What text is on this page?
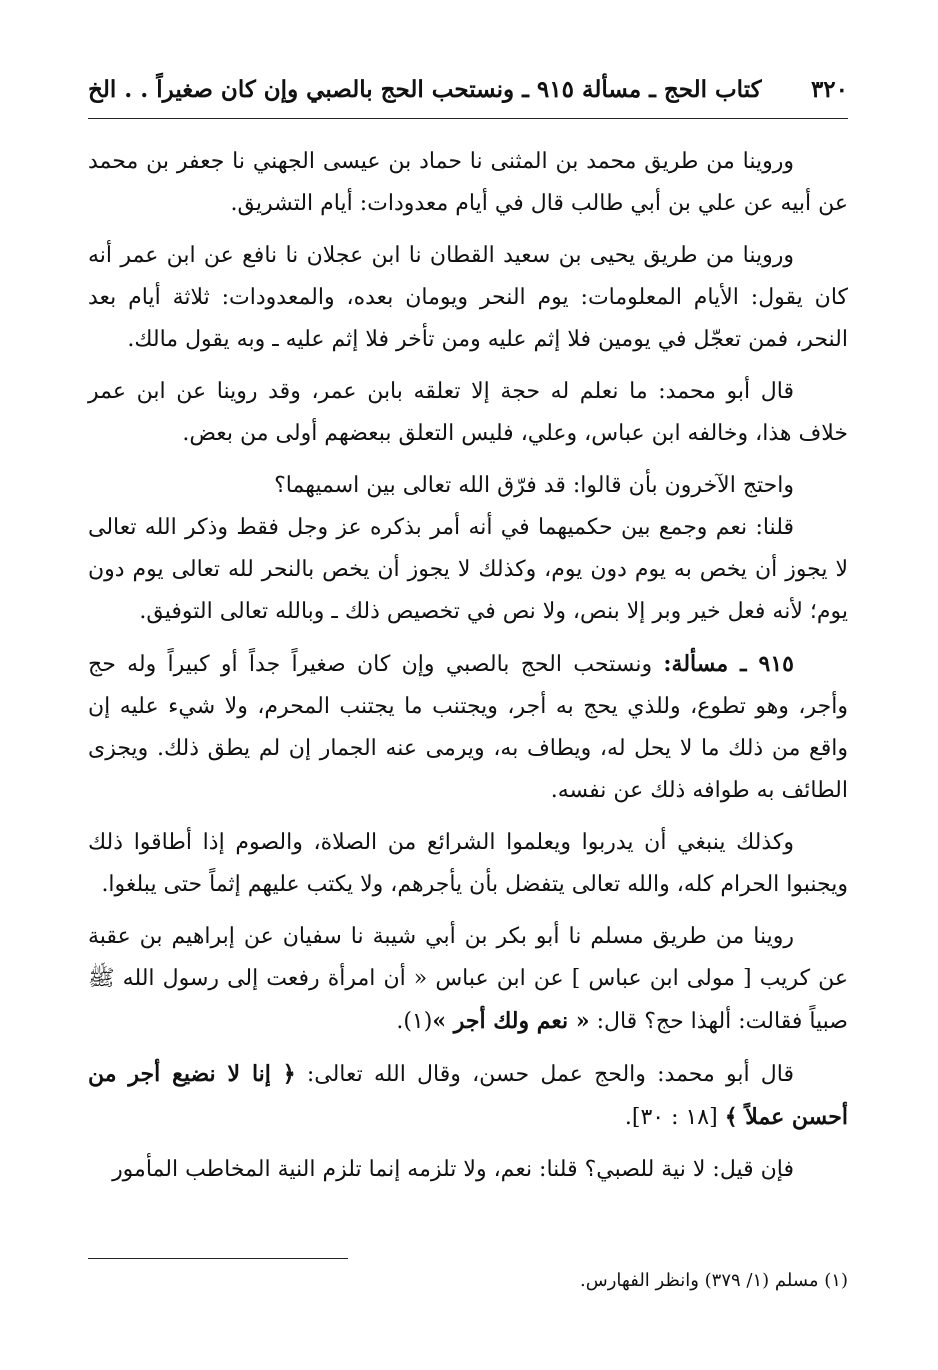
٣٢٠
كتاب الحج ـ مسألة ٩١٥ ـ ونستحب الحج بالصبي وإن كان صغيراً . . الخ

وروينا من طريق محمد بن المثنى نا حماد بن عيسى الجهني نا جعفر بن محمد عن أبيه عن علي بن أبي طالب قال في أيام معدودات: أيام التشريق.

وروينا من طريق يحيى بن سعيد القطان نا ابن عجلان نا نافع عن ابن عمر أنه كان يقول: الأيام المعلومات: يوم النحر ويومان بعده، والمعدودات: ثلاثة أيام بعد النحر، فمن تعجّل في يومين فلا إثم عليه ومن تأخر فلا إثم عليه ـ وبه يقول مالك.

قال أبو محمد: ما نعلم له حجة إلا تعلقه بابن عمر، وقد روينا عن ابن عمر خلاف هذا، وخالفه ابن عباس، وعلي، فليس التعلق ببعضهم أولى من بعض.

واحتج الآخرون بأن قالوا: قد فرّق الله تعالى بين اسميهما؟

قلنا: نعم وجمع بين حكميهما في أنه أمر بذكره عز وجل فقط وذكر الله تعالى لا يجوز أن يخص به يوم دون يوم، وكذلك لا يجوز أن يخص بالنحر لله تعالى يوم دون يوم؛ لأنه فعل خير وبر إلا بنص، ولا نص في تخصيص ذلك ـ وبالله تعالى التوفيق.

٩١٥ ـ مسألة: ونستحب الحج بالصبي وإن كان صغيراً جداً أو كبيراً وله حج وأجر، وهو تطوع، وللذي يحج به أجر، ويجتنب ما يجتنب المحرم، ولا شيء عليه إن واقع من ذلك ما لا يحل له، ويطاف به، ويرمى عنه الجمار إن لم يطق ذلك. ويجزى الطائف به طوافه ذلك عن نفسه.

وكذلك ينبغي أن يدربوا ويعلموا الشرائع من الصلاة، والصوم إذا أطاقوا ذلك ويجنبوا الحرام كله، والله تعالى يتفضل بأن يأجرهم، ولا يكتب عليهم إثماً حتى يبلغوا.

روينا من طريق مسلم نا أبو بكر بن أبي شيبة نا سفيان عن إبراهيم بن عقبة عن كريب [ مولى ابن عباس ] عن ابن عباس « أن امرأة رفعت إلى رسول الله ﷺ صبياً فقالت: ألهذا حج؟ قال: « نعم ولك أجر »(١).

قال أبو محمد: والحج عمل حسن، وقال الله تعالى: ﴿ إنا لا نضيع أجر من أحسن عملاً ﴾ [١٨ : ٣٠].

فإن قيل: لا نية للصبي؟ قلنا: نعم، ولا تلزمه إنما تلزم النية المخاطب المأمور

(١) مسلم (١/ ٣٧٩) وانظر الفهارس.
